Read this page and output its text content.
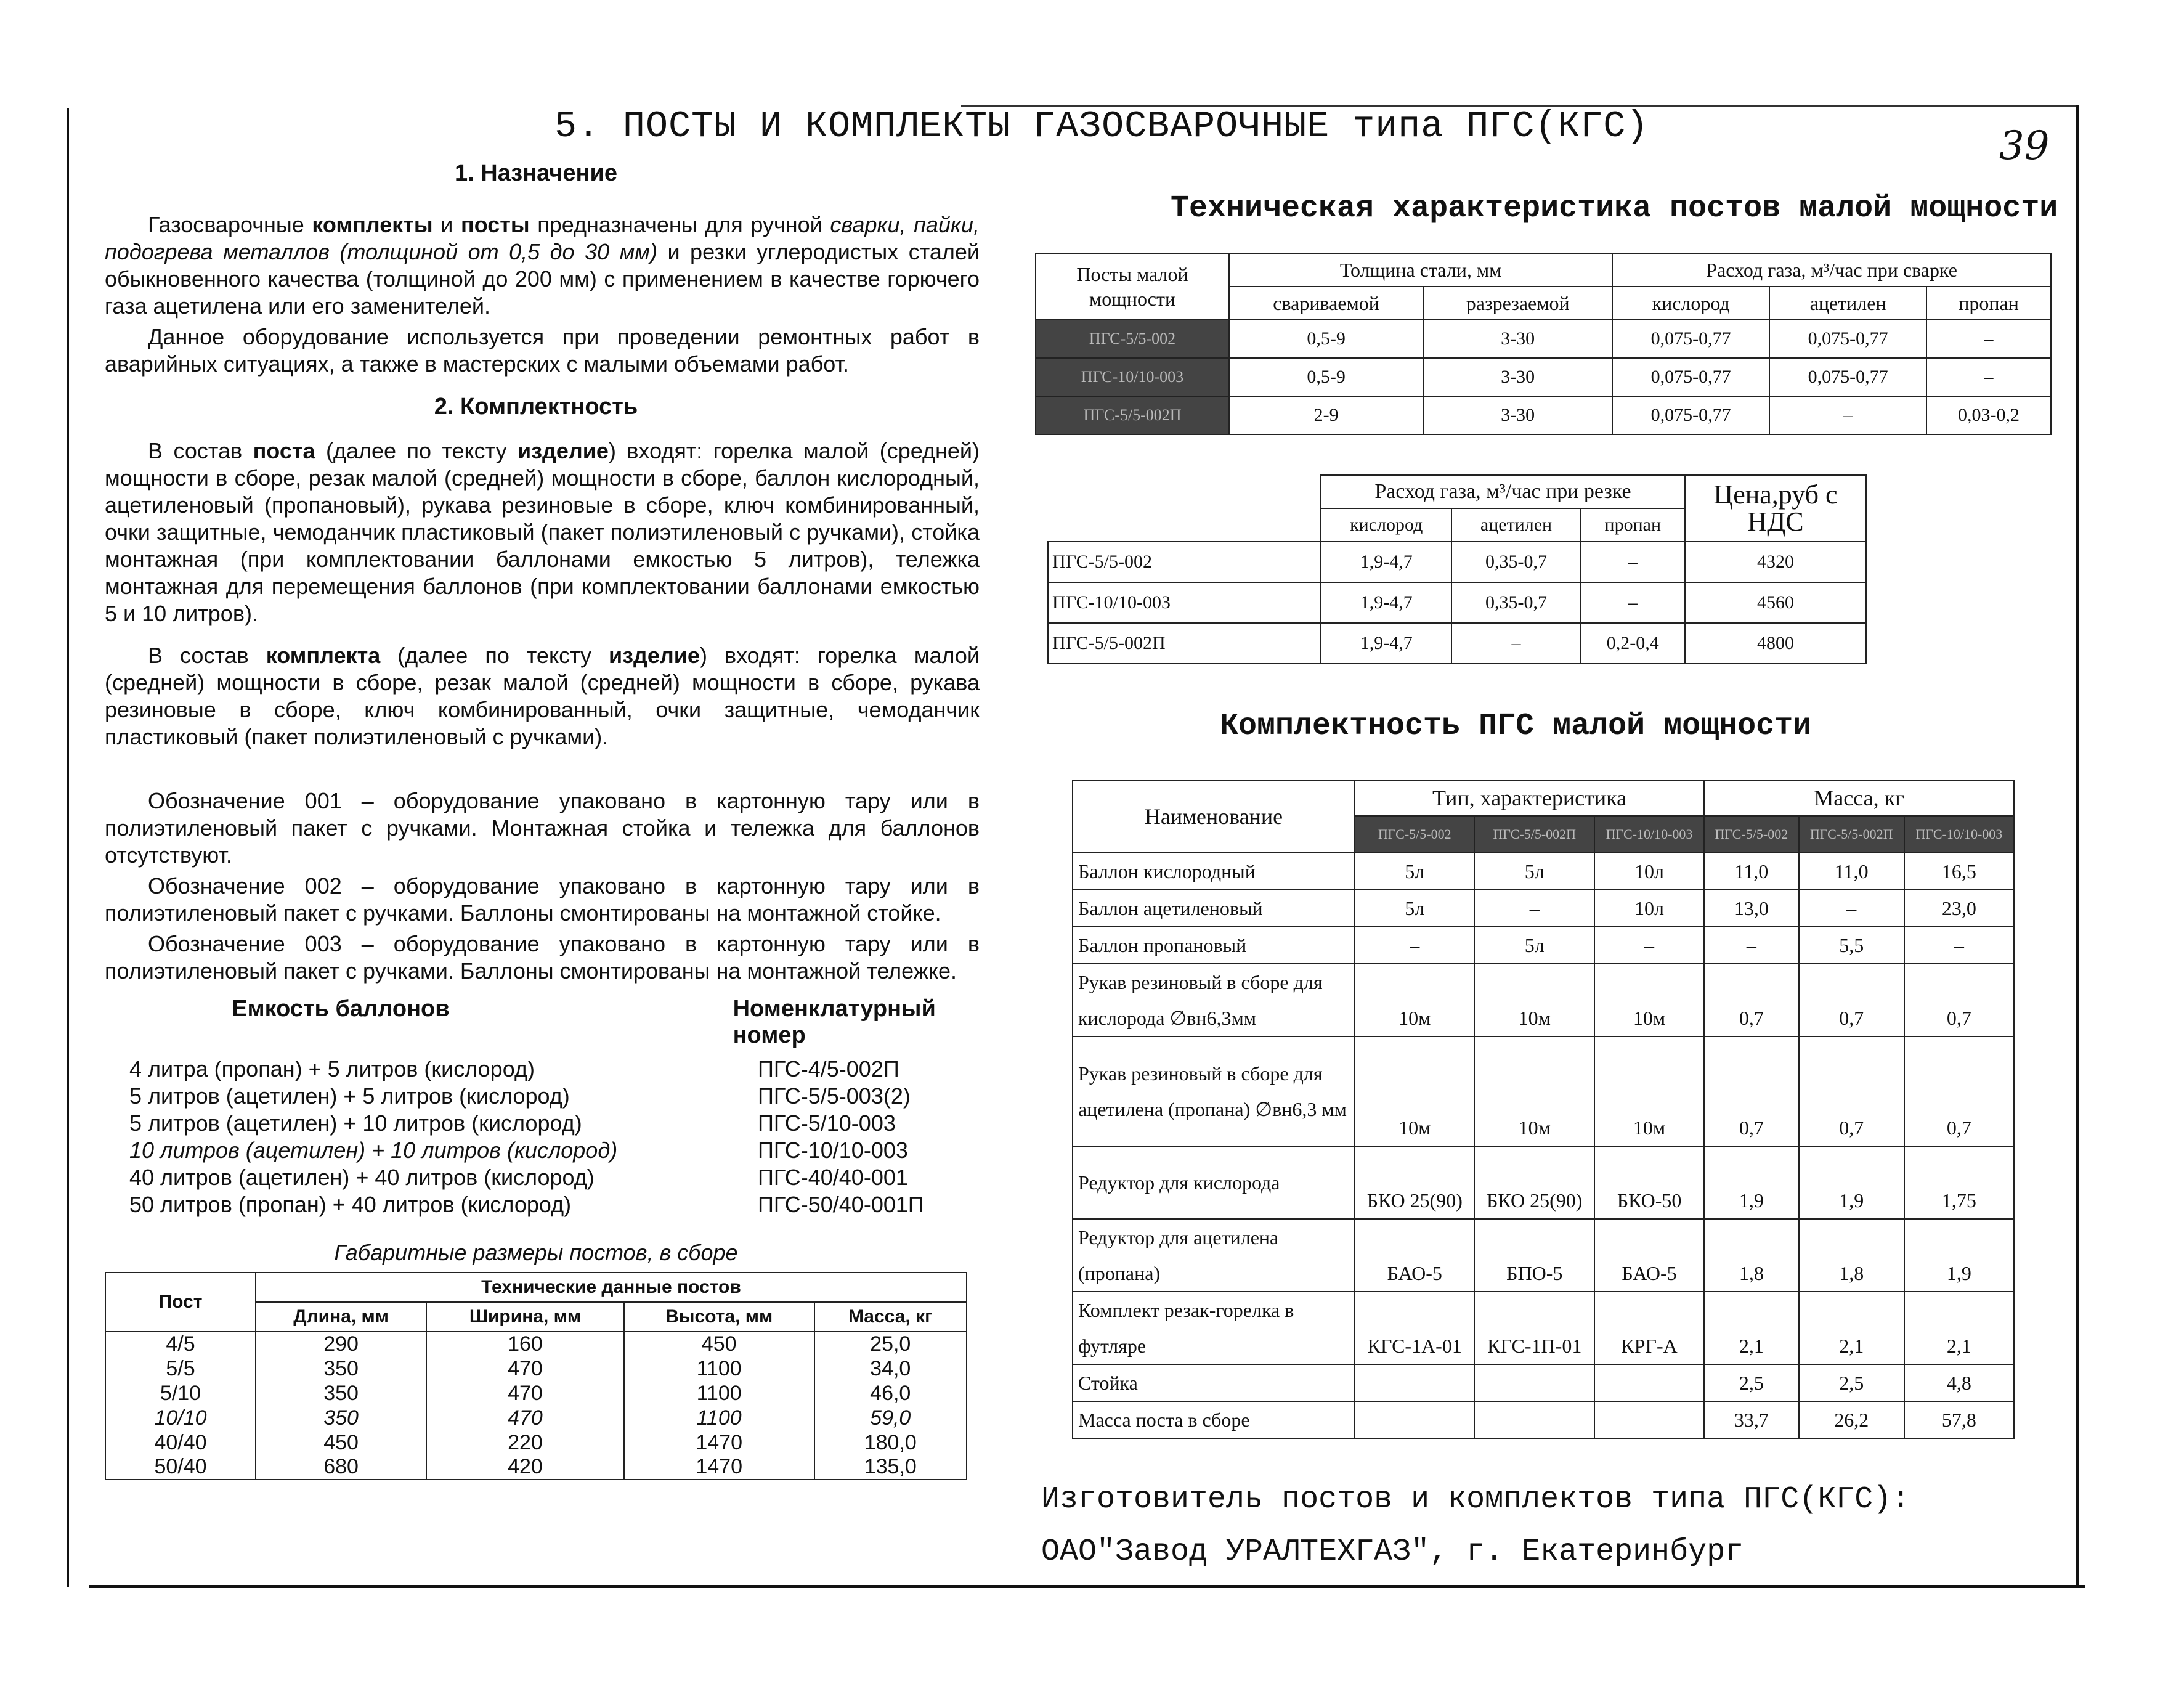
5. ПОСТЫ И КОМПЛЕКТЫ ГАЗОСВАРОЧНЫЕ типа ПГС(КГС)	39
1. Назначение
Газосварочные комплекты и посты предназначены для ручной сварки, пайки, подогрева металлов (толщиной от 0,5 до 30 мм) и резки углеродистых сталей обыкновенного качества (толщиной до 200 мм) с применением в качестве горючего газа ацетилена или его заменителей.
Данное оборудование используется при проведении ремонтных работ в аварийных ситуациях, а также в мастерских с малыми объемами работ.
2. Комплектность
В состав поста (далее по тексту изделие) входят: горелка малой (средней) мощности в сборе, резак малой (средней) мощности в сборе, баллон кислородный, ацетиленовый (пропановый), рукава резиновые в сборе, ключ комбинированный, очки защитные, чемоданчик пластиковый (пакет полиэтиленовый с ручками), стойка монтажная (при комплектовании баллонами емкостью 5 литров), тележка монтажная для перемещения баллонов (при комплектовании баллонами емкостью 5 и 10 литров).
В состав комплекта (далее по тексту изделие) входят: горелка малой (средней) мощности в сборе, резак малой (средней) мощности в сборе, рукава резиновые в сборе, ключ комбинированный, очки защитные, чемоданчик пластиковый (пакет полиэтиленовый с ручками).
Обозначение 001 – оборудование упаковано в картонную тару или в полиэтиленовый пакет с ручками. Монтажная стойка и тележка для баллонов отсутствуют.
Обозначение 002 – оборудование упаковано в картонную тару или в полиэтиленовый пакет с ручками. Баллоны смонтированы на монтажной стойке.
Обозначение 003 – оборудование упаковано в картонную тару или в полиэтиленовый пакет с ручками. Баллоны смонтированы на монтажной тележке.
Емкость баллонов	Номенклатурный номер
4 литра (пропан) + 5 литров (кислород)	ПГС-4/5-002П
5 литров (ацетилен) + 5 литров (кислород)	ПГС-5/5-003(2)
5 литров (ацетилен) + 10 литров (кислород)	ПГС-5/10-003
10 литров (ацетилен) + 10 литров (кислород)	ПГС-10/10-003
40 литров (ацетилен) + 40 литров (кислород)	ПГС-40/40-001
50 литров (пропан) + 40 литров (кислород)	ПГС-50/40-001П
Габаритные размеры постов, в сборе
Пост	Технические данные постов			
	Длина, мм	Ширина, мм	Высота, мм	Масса, кг
4/5	290	160	450	25,0
5/5	350	470	1100	34,0
5/10	350	470	1100	46,0
10/10	350	470	1100	59,0
40/40	450	220	1470	180,0
50/40	680	420	1470	135,0
Техническая характеристика постов малой мощности
Посты малой мощности	Толщина стали, мм		Расход газа, м³/час при сварке		
	свариваемой	разрезаемой	кислород	ацетилен	пропан
ПГС-5/5-002	0,5-9	3-30	0,075-0,77	0,075-0,77	–
ПГС-10/10-003	0,5-9	3-30	0,075-0,77	0,075-0,77	–
ПГС-5/5-002П	2-9	3-30	0,075-0,77	–	0,03-0,2
	Расход газа, м³/час при резке			Цена,руб с НДС
	кислород	ацетилен	пропан	
ПГС-5/5-002	1,9-4,7	0,35-0,7	–	4320
ПГС-10/10-003	1,9-4,7	0,35-0,7	–	4560
ПГС-5/5-002П	1,9-4,7	–	0,2-0,4	4800
Комплектность ПГС малой мощности
Наименование	Тип, характеристика			Масса, кг		
	ПГС-5/5-002	ПГС-5/5-002П	ПГС-10/10-003	ПГС-5/5-002	ПГС-5/5-002П	ПГС-10/10-003
Баллон кислородный	5л	5л	10л	11,0	11,0	16,5
Баллон ацетиленовый	5л	–	10л	13,0	–	23,0
Баллон пропановый	–	5л	–	–	5,5	–
Рукав резиновый в сборе для кислорода ∅вн6,3мм	10м	10м	10м	0,7	0,7	0,7
Рукав резиновый в сборе для ацетилена (пропана) ∅вн6,3 мм	10м	10м	10м	0,7	0,7	0,7
Редуктор для кислорода	БКО 25(90)	БКО 25(90)	БКО-50	1,9	1,9	1,75
Редуктор для ацетилена (пропана)	БАО-5	БПО-5	БАО-5	1,8	1,8	1,9
Комплект резак-горелка в футляре	КГС-1А-01	КГС-1П-01	КРГ-А	2,1	2,1	2,1
Стойка				2,5	2,5	4,8
Масса поста в сборе				33,7	26,2	57,8
Изготовитель постов и комплектов типа ПГС(КГС):
ОАО"Завод УРАЛТЕХГАЗ", г. Екатеринбург
